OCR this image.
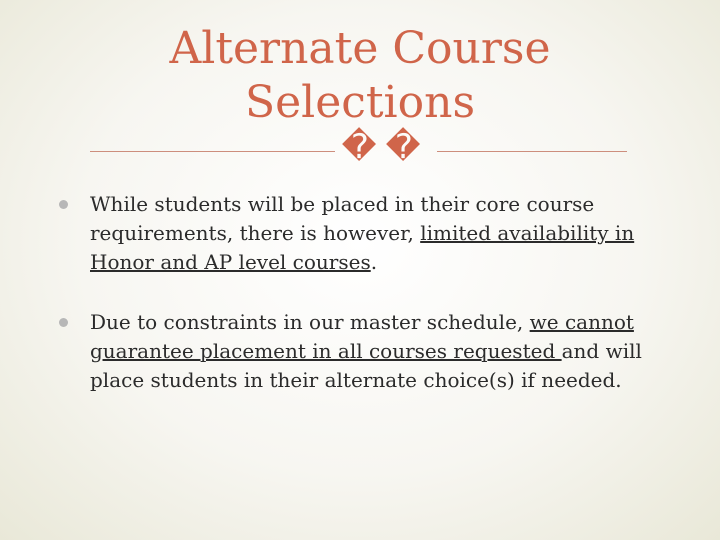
Alternate Course
Selections
� �
While students will be placed in their core course requirements, there is however, limited availability in Honor and AP level courses.
Due to constraints in our master schedule, we cannot guarantee placement in all courses requested and will place students in their alternate choice(s) if needed.
